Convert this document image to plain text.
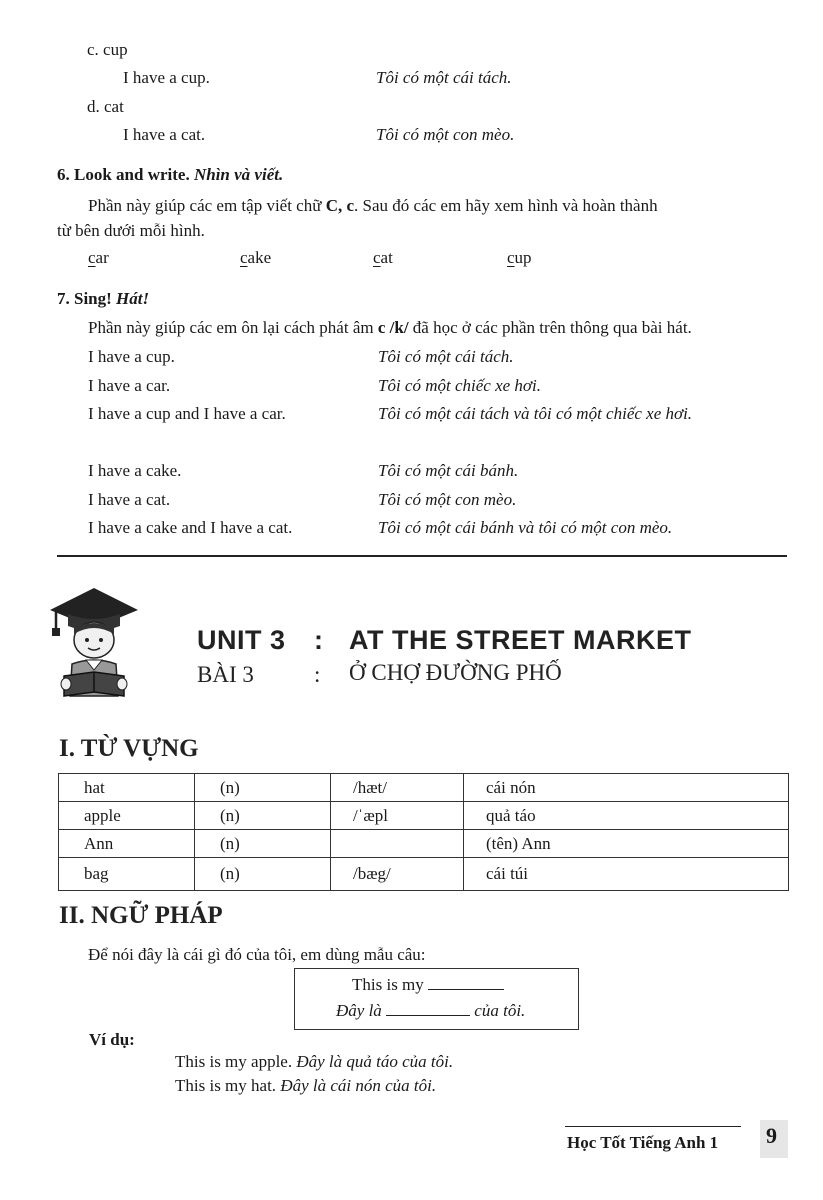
c. cup
I have a cup.	Tôi có một cái tách.
d. cat
I have a cat.	Tôi có một con mèo.
6. Look and write. Nhìn và viết.
Phần này giúp các em tập viết chữ C, c. Sau đó các em hãy xem hình và hoàn thành
từ bên dưới mỗi hình.
car	cake	cat	cup
7. Sing! Hát!
Phần này giúp các em ôn lại cách phát âm c /k/ đã học ở các phần trên thông qua bài hát.
I have a cup.	Tôi có một cái tách.
I have a car.	Tôi có một chiếc xe hơi.
I have a cup and I have a car.	Tôi có một cái tách và tôi có một chiếc xe hơi.
I have a cake.	Tôi có một cái bánh.
I have a cat.	Tôi có một con mèo.
I have a cake and I have a cat.	Tôi có một cái bánh và tôi có một con mèo.
UNIT 3 : AT THE STREET MARKET
BÀI 3	: Ở CHỢ ĐƯỜNG PHỐ
I. TỪ VỰNG
hat	(n)	/hæt/	cái nón
apple	(n)	/ˈæpl	quả táo
Ann	(n)		(tên) Ann
bag	(n)	/bæg/	cái túi
II. NGỮ PHÁP
Để nói đây là cái gì đó của tôi, em dùng mẫu câu:
This is my
Đây là	của tôi.
Ví dụ:
This is my apple. Đây là quả táo của tôi.
This is my hat. Đây là cái nón của tôi.
Học Tốt Tiếng Anh 1 9
